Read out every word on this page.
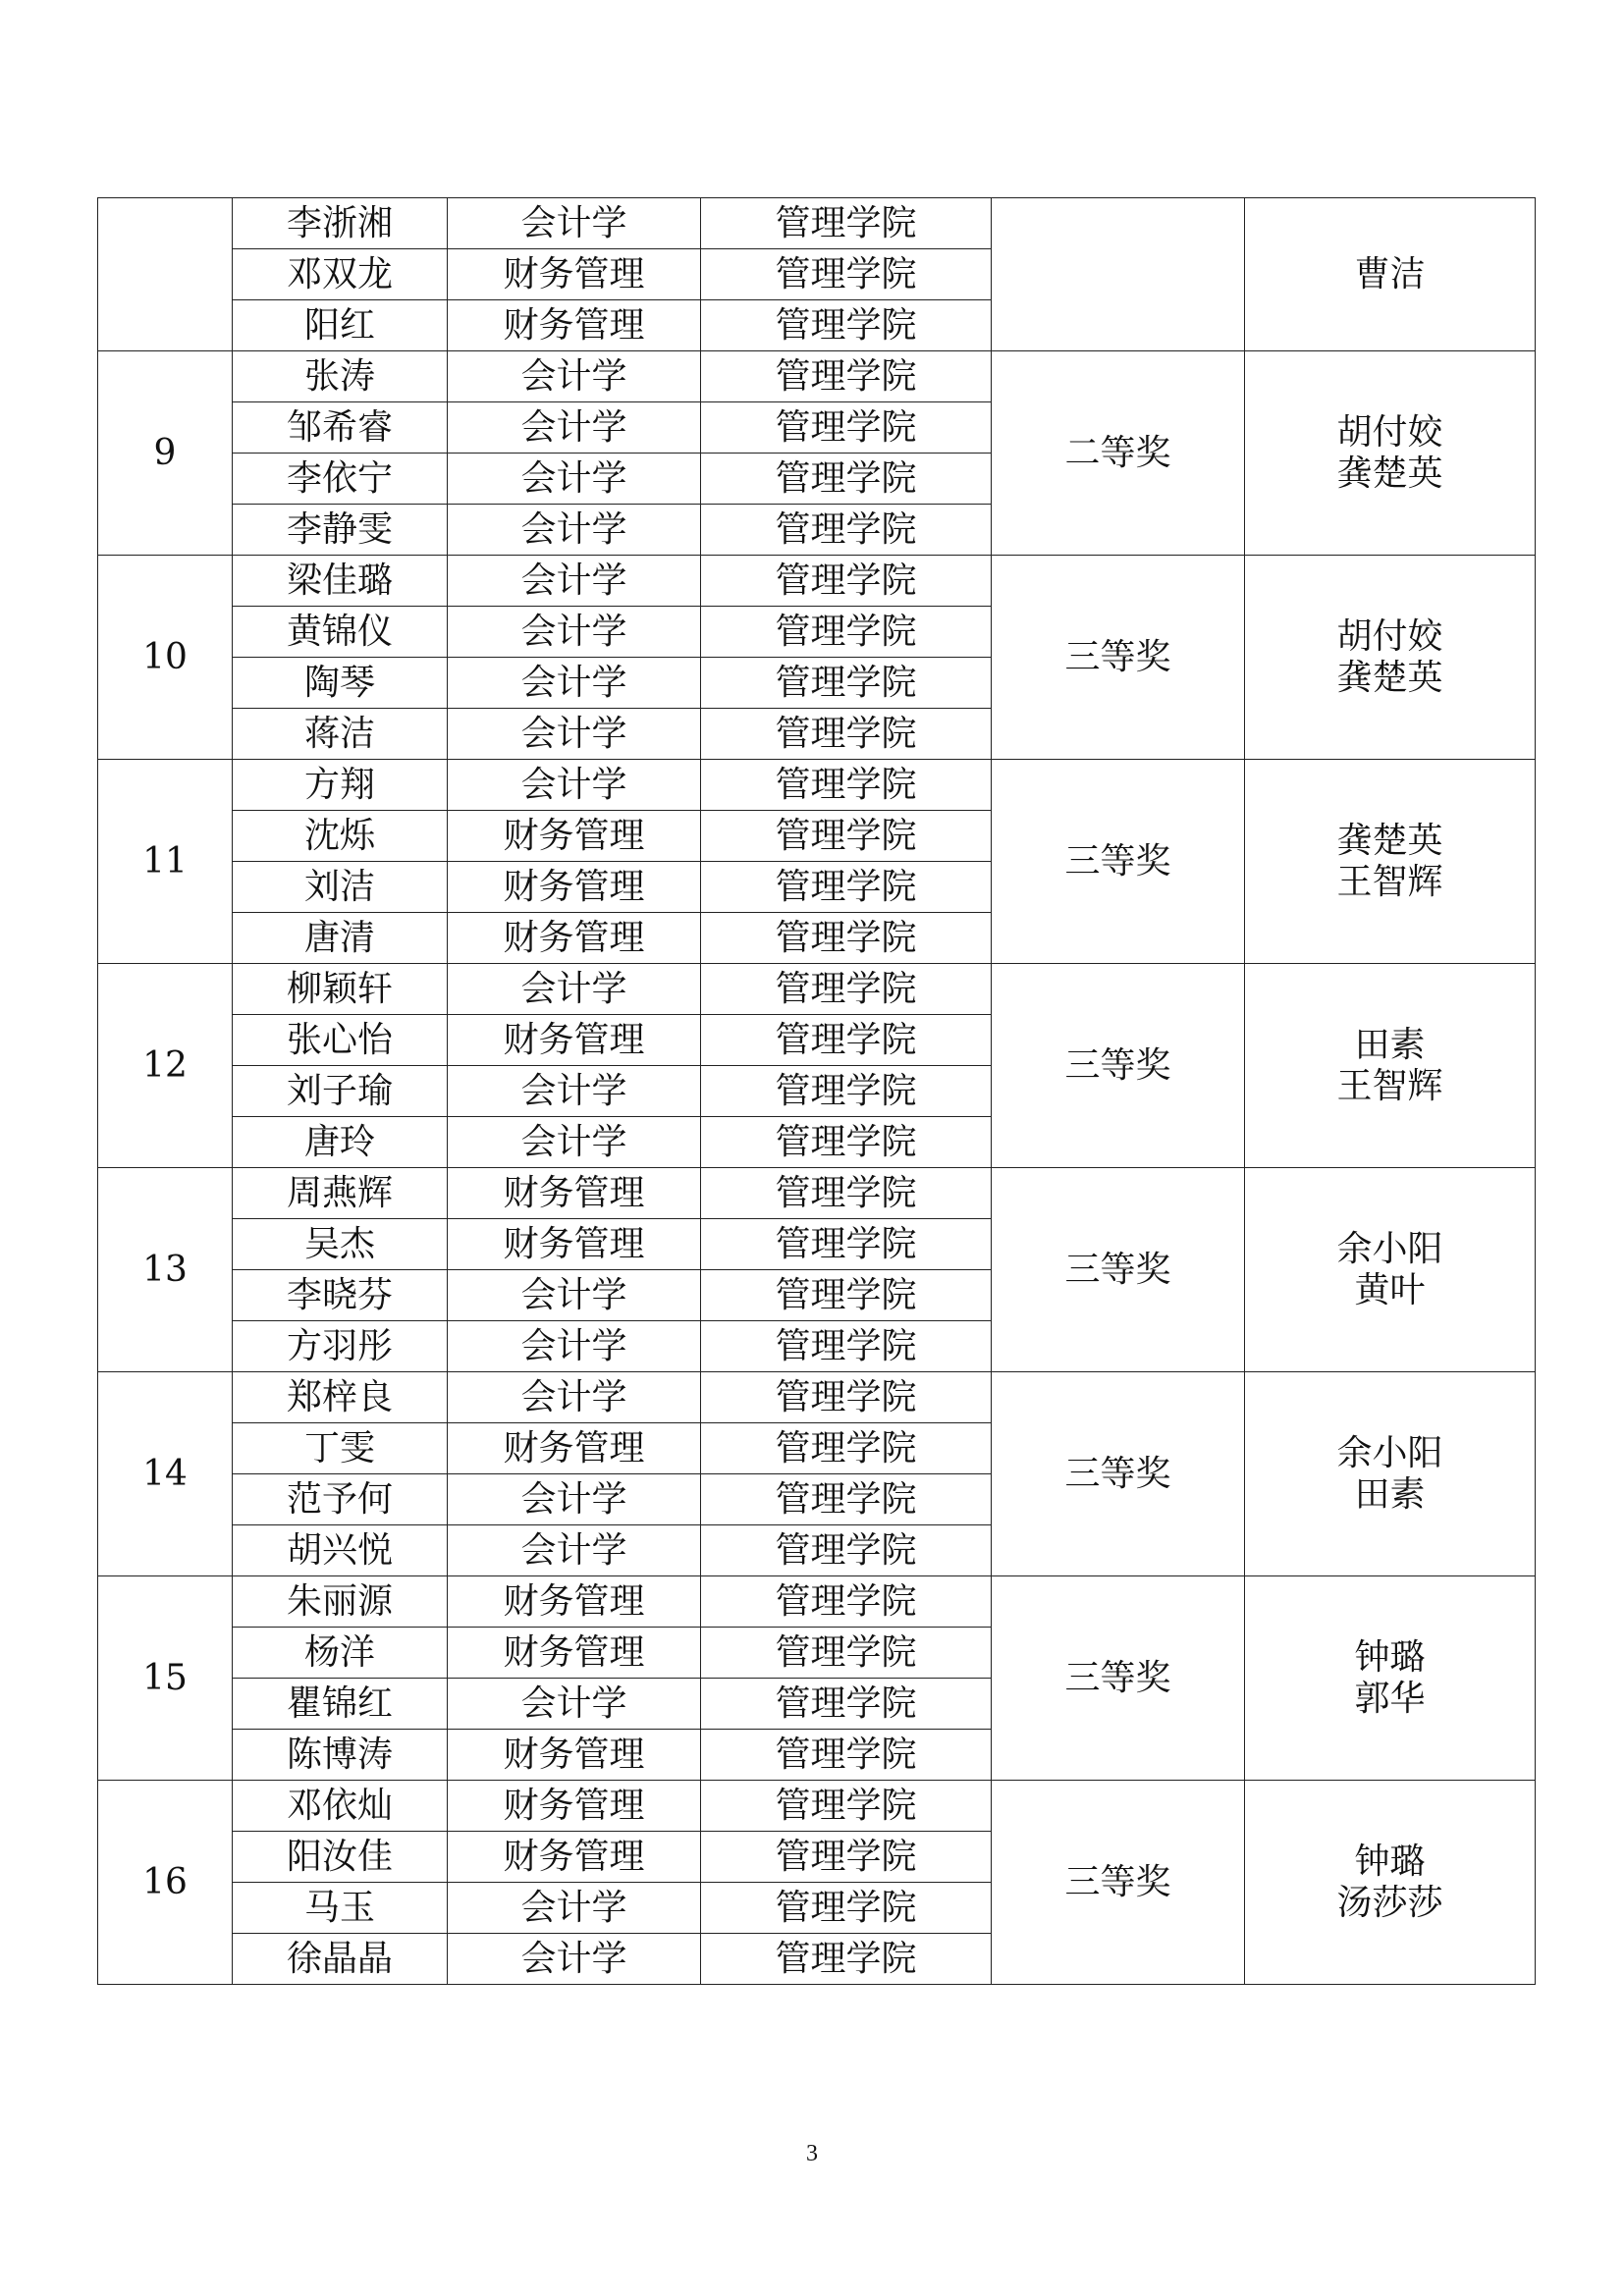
	李浙湘	会计学	管理学院		曹洁

	邓双龙	财务管理	管理学院		
	阳红	财务管理	管理学院		
9	张涛	会计学	管理学院	二等奖	胡付姣
龚楚英

	邹希睿	会计学	管理学院		
	李依宁	会计学	管理学院		
	李静雯	会计学	管理学院		
10	梁佳璐	会计学	管理学院	三等奖	胡付姣
龚楚英

	黄锦仪	会计学	管理学院		
	陶琴	会计学	管理学院		
	蒋洁	会计学	管理学院		
11	方翔	会计学	管理学院	三等奖	龚楚英
王智辉

	沈烁	财务管理	管理学院		
	刘洁	财务管理	管理学院		
	唐清	财务管理	管理学院		
12	柳颖轩	会计学	管理学院	三等奖	田素
王智辉

	张心怡	财务管理	管理学院		
	刘子瑜	会计学	管理学院		
	唐玲	会计学	管理学院		
13	周燕辉	财务管理	管理学院	三等奖	余小阳
黄叶

	吴杰	财务管理	管理学院		
	李晓芬	会计学	管理学院		
	方羽彤	会计学	管理学院		
14	郑梓良	会计学	管理学院	三等奖	余小阳
田素

	丁雯	财务管理	管理学院		
	范予何	会计学	管理学院		
	胡兴悦	会计学	管理学院		
15	朱丽源	财务管理	管理学院	三等奖	钟璐
郭华

	杨洋	财务管理	管理学院		
	瞿锦红	会计学	管理学院		
	陈博涛	财务管理	管理学院		
16	邓依灿	财务管理	管理学院	三等奖	钟璐
汤莎莎

	阳汝佳	财务管理	管理学院		
	马玉	会计学	管理学院		
	徐晶晶	会计学	管理学院		
3
